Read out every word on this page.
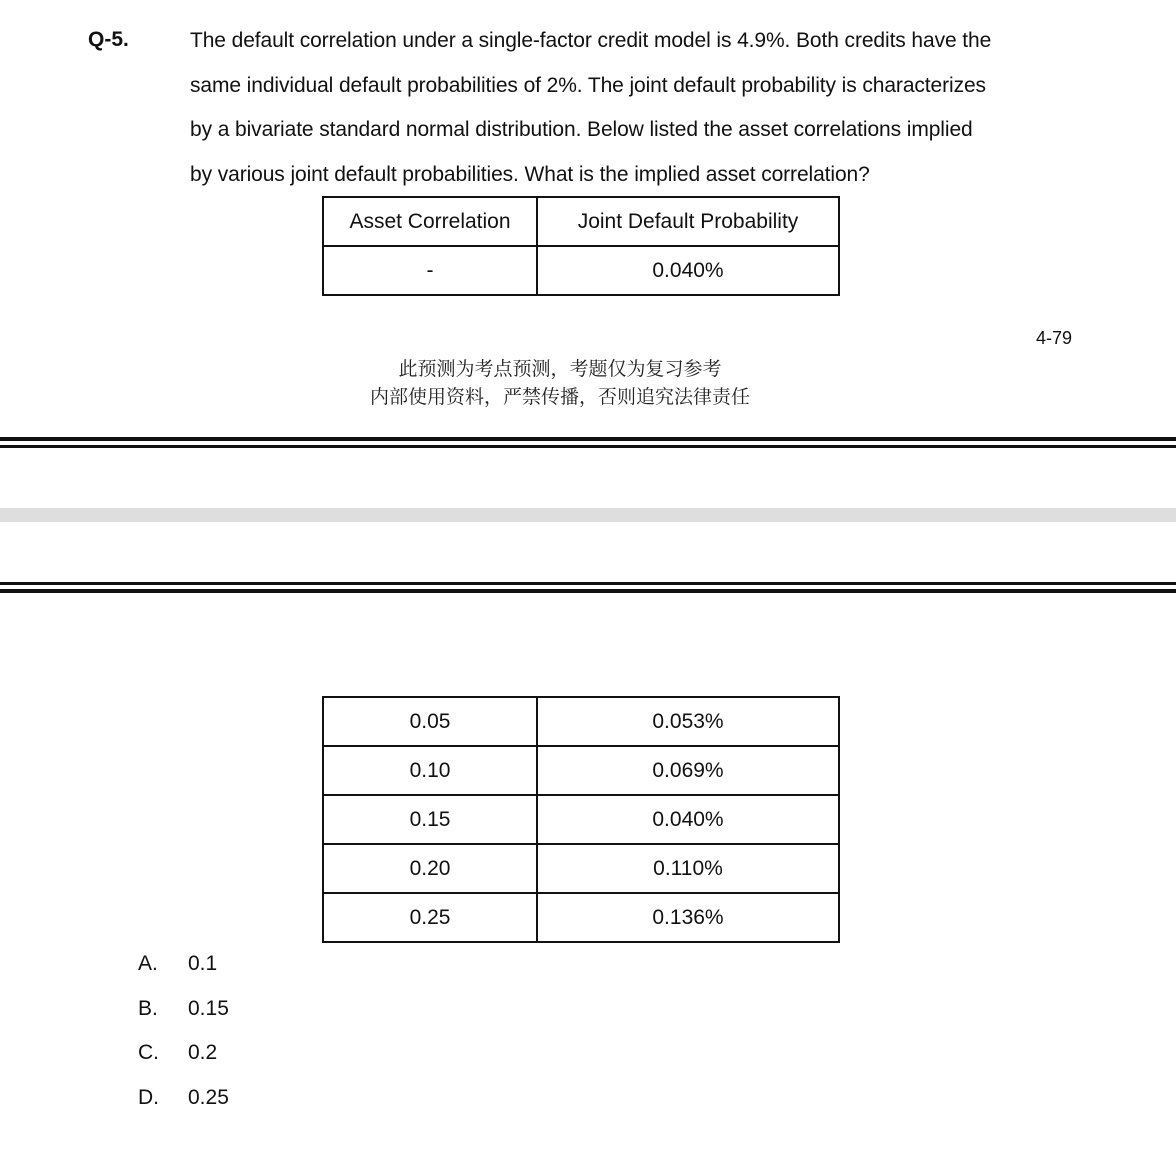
Q-5.	The default correlation under a single-factor credit model is 4.9%. Both credits have the
same individual default probabilities of 2%. The joint default probability is characterizes
by a bivariate standard normal distribution. Below listed the asset correlations implied
by various joint default probabilities. What is the implied asset correlation?
Asset Correlation	Joint Default Probability
-	0.040%
4-79
此预测为考点预测，考题仅为复习参考
内部使用资料，严禁传播，否则追究法律责任
0.05	0.053%
0.10	0.069%
0.15	0.040%
0.20	0.110%
0.25	0.136%
A. 0.1
B. 0.15
C. 0.2
D. 0.25
